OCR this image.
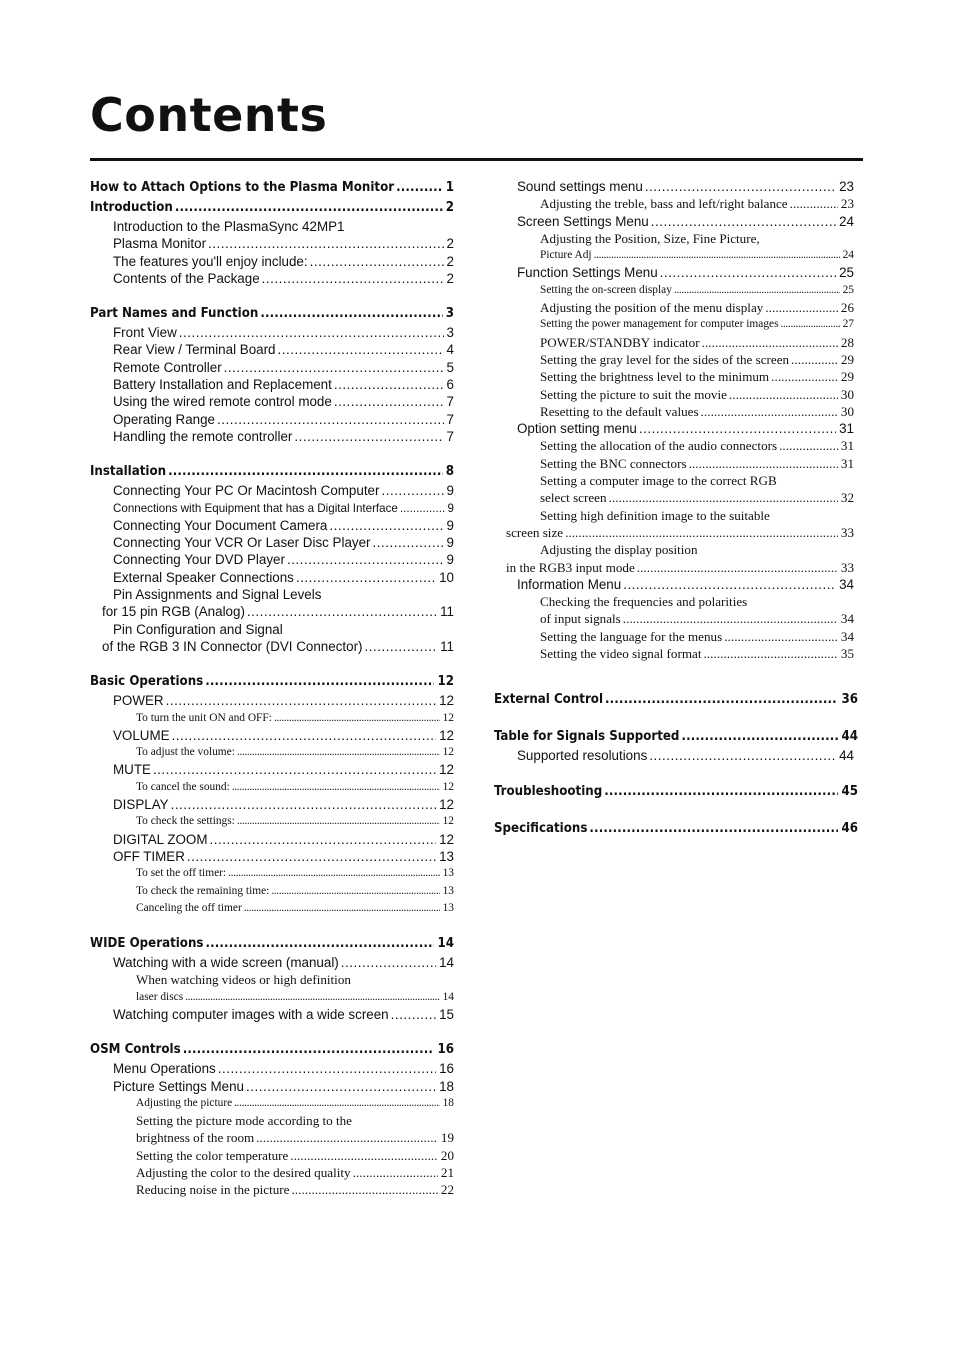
Contents
How to Attach Options to the Plasma Monitor . . .	1
Introduction . . .	2
Introduction to the PlasmaSync 42MP1
Plasma Monitor . . .	2
The features you'll enjoy include: . . .	2
Contents of the Package . . .	2
Part Names and Function . . .	3
Front View . . .	3
Rear View / Terminal Board . . .	4
Remote Controller . . .	5
Battery Installation and Replacement . . .	6
Using the wired remote control mode . . .	7
Operating Range . . .	7
Handling the remote controller . . .	7
Installation . . .	8
Connecting Your PC Or Macintosh Computer . . .	9
Connections with Equipment that has a Digital Interface . . .	9
Connecting Your Document Camera . . .	9
Connecting Your VCR Or Laser Disc Player . . .	9
Connecting Your DVD Player . . .	9
External Speaker Connections . . .	10
Pin Assignments and Signal Levels
for 15 pin RGB (Analog) . . .	11
Pin Configuration and Signal
of the RGB 3 IN Connector (DVI Connector) . . .	11
Basic Operations . . .	12
POWER . . .	12
To turn the unit ON and OFF: . . .	12
VOLUME . . .	12
To adjust the volume: . . .	12
MUTE . . .	12
To cancel the sound: . . .	12
DISPLAY . . .	12
To check the settings: . . .	12
DIGITAL ZOOM . . .	12
OFF TIMER . . .	13
To set the off timer: . . .	13
To check the remaining time: . . .	13
Canceling the off timer . . .	13
WIDE Operations . . .	14
Watching with a wide screen (manual) . . .	14
When watching videos or high definition
laser discs . . .	14
Watching computer images with a wide screen . . .	15
OSM Controls . . .	16
Menu Operations . . .	16
Picture Settings Menu . . .	18
Adjusting the picture . . .	18
Setting the picture mode according to the
brightness of the room . . .	19
Setting the color temperature . . .	20
Adjusting the color to the desired quality . . .	21
Reducing noise in the picture . . .	22
Sound settings menu . . .	23
Adjusting the treble, bass and left/right balance . . .	23
Screen Settings Menu . . .	24
Adjusting the Position, Size, Fine Picture,
Picture Adj . . .	24
Function Settings Menu . . .	25
Setting the on-screen display . . .	25
Adjusting the position of the menu display . . .	26
Setting the power management for computer images . . .	27
POWER/STANDBY indicator . . .	28
Setting the gray level for the sides of the screen . . .	29
Setting the brightness level to the minimum . . .	29
Setting the picture to suit the movie . . .	30
Resetting to the default values . . .	30
Option setting menu . . .	31
Setting the allocation of the audio connectors . . .	31
Setting the BNC connectors . . .	31
Setting a computer image to the correct RGB
select screen . . .	32
Setting high definition image to the suitable
screen size . . .	33
Adjusting the display position
in the RGB3 input mode . . .	33
Information Menu . . .	34
Checking the frequencies and polarities
of input signals . . .	34
Setting the language for the menus . . .	34
Setting the video signal format . . .	35
External Control . . .	36
Table for Signals Supported . . .	44
Supported resolutions . . .	44
Troubleshooting . . .	45
Specifications . . .	46
